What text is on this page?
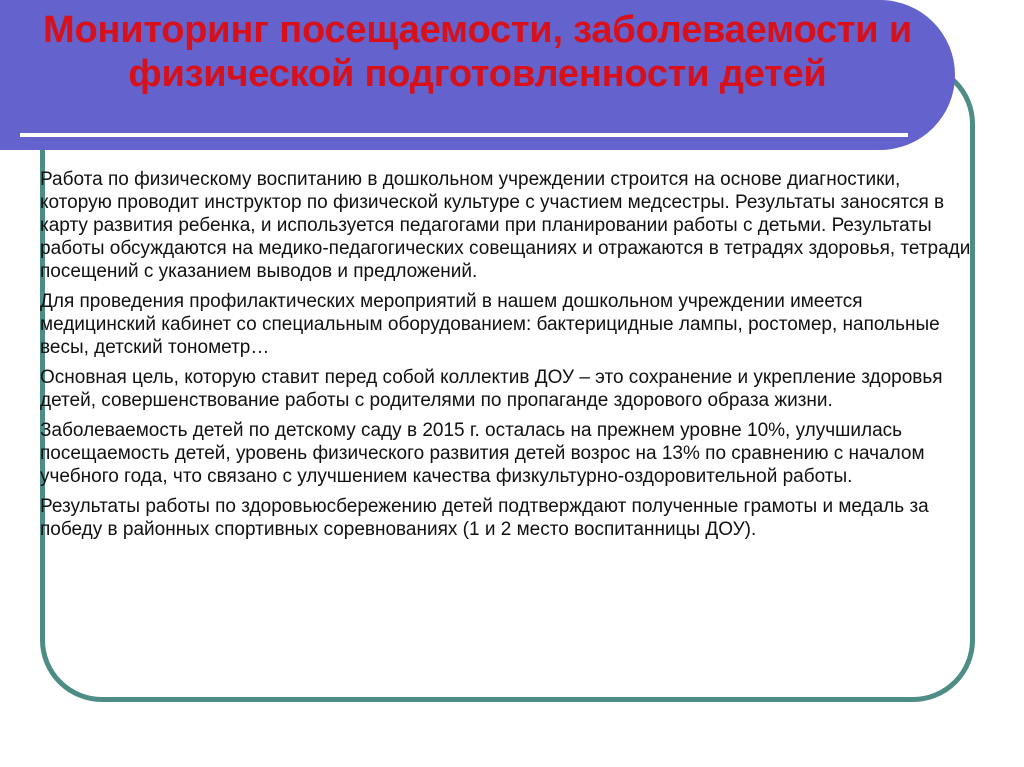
Мониторинг посещаемости, заболеваемости и физической подготовленности детей

Работа по физическому воспитанию в дошкольном учреждении строится на основе диагностики, которую проводит инструктор по физической культуре с участием медсестры. Результаты заносятся в карту развития ребенка, и используется педагогами при планировании работы с детьми. Результаты работы обсуждаются на медико-педагогических совещаниях и отражаются в тетрадях здоровья, тетради посещений с указанием выводов и предложений.

Для проведения профилактических мероприятий в нашем дошкольном учреждении имеется медицинский кабинет со специальным оборудованием: бактерицидные лампы, ростомер, напольные весы, детский тонометр…

Основная цель, которую ставит перед собой коллектив ДОУ – это сохранение и укрепление здоровья детей, совершенствование работы с родителями по пропаганде здорового образа жизни.

Заболеваемость детей по детскому саду в 2015 г. осталась на прежнем уровне 10%, улучшилась посещаемость детей, уровень физического развития детей возрос на 13% по сравнению с началом учебного года, что связано с улучшением качества физкультурно-оздоровительной работы.

Результаты работы по здоровьюсбережению детей подтверждают полученные грамоты и медаль за победу в районных спортивных соревнованиях (1 и 2 место воспитанницы ДОУ).
